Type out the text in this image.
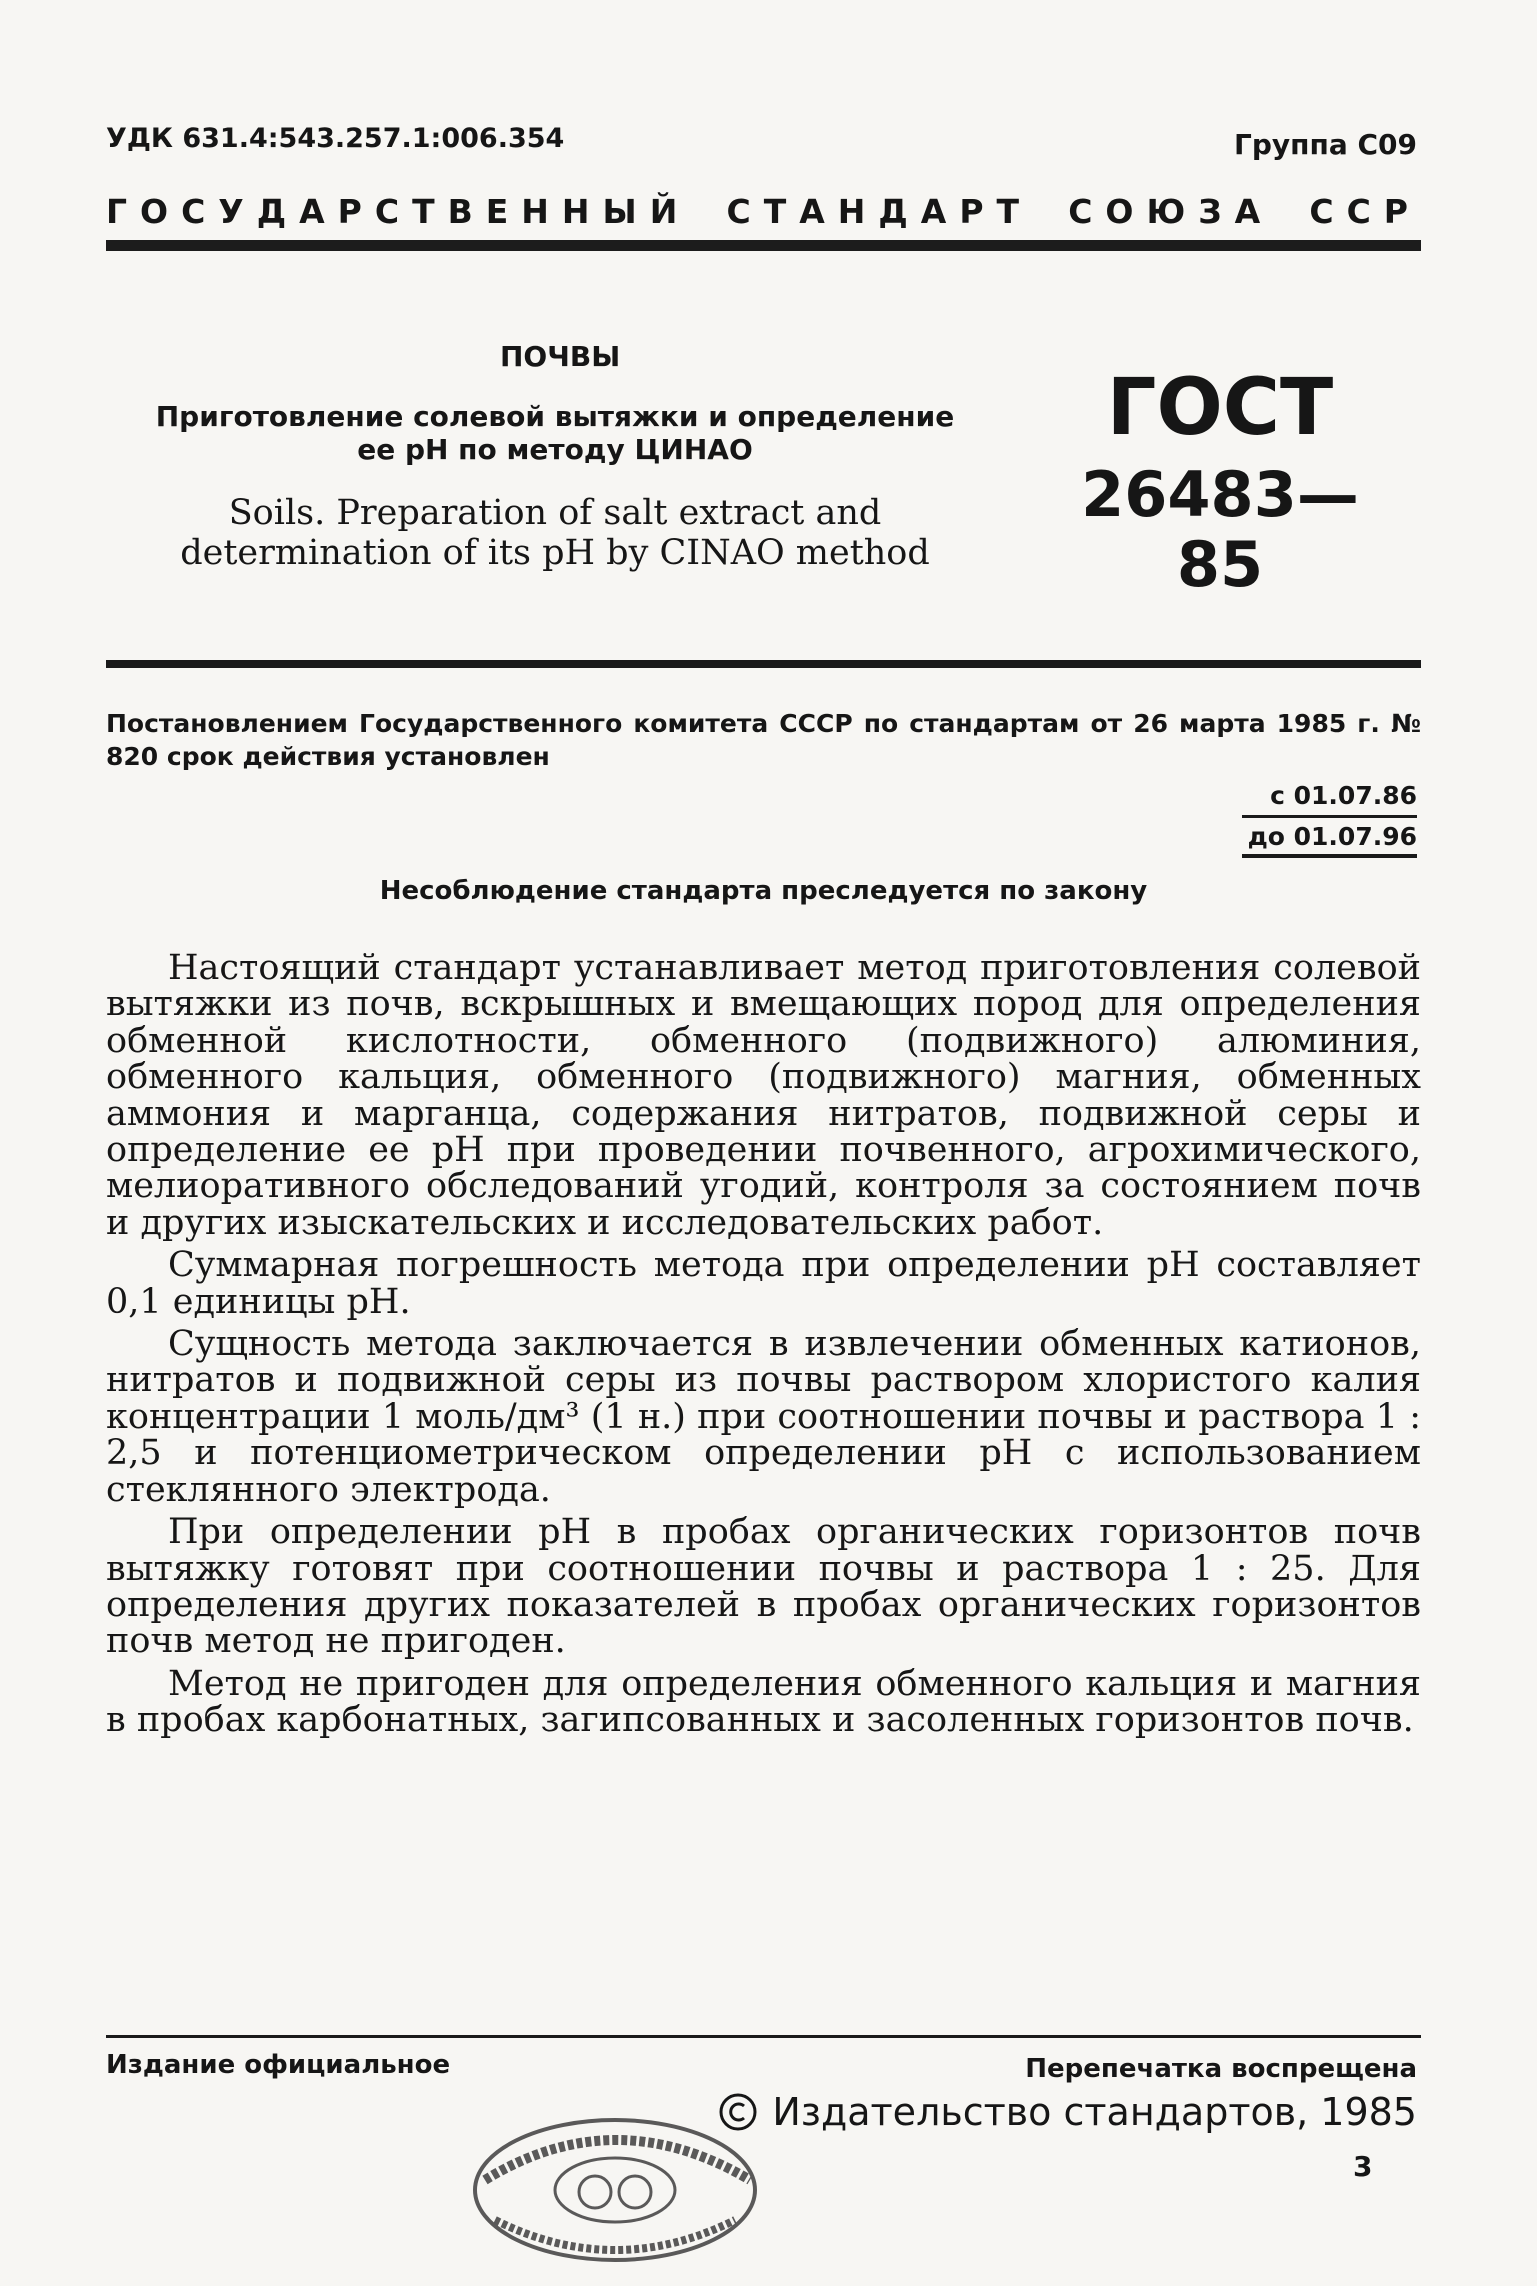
УДК 631.4:543.257.1:006.354	Группа С09
ГОСУДАРСТВЕННЫЙ СТАНДАРТ СОЮЗА ССР
ПОЧВЫ
Приготовление солевой вытяжки и определение
ее рН по методу ЦИНАО
Soils. Preparation of salt extract and
determination of its pH by CINAO method
ГОСТ
26483—85
Постановлением Государственного комитета СССР по стандартам от 26 марта 1985 г. № 820 срок действия установлен
с 01.07.86
до 01.07.96
Несоблюдение стандарта преследуется по закону

Настоящий стандарт устанавливает метод приготовления солевой вытяжки из почв, вскрышных и вмещающих пород для определения обменной кислотности, обменного (подвижного) алюминия, обменного кальция, обменного (подвижного) магния, обменных аммония и марганца, содержания нитратов, подвижной серы и определение ее рН при проведении почвенного, агрохимического, мелиоративного обследований угодий, контроля за состоянием почв и других изыскательских и исследовательских работ.

Суммарная погрешность метода при определении рН составляет 0,1 единицы рН.

Сущность метода заключается в извлечении обменных катионов, нитратов и подвижной серы из почвы раствором хлористого калия концентрации 1 моль/дм³ (1 н.) при соотношении почвы и раствора 1 : 2,5 и потенциометрическом определении рН с использованием стеклянного электрода.

При определении рН в пробах органических горизонтов почв вытяжку готовят при соотношении почвы и раствора 1 : 25. Для определения других показателей в пробах органических горизонтов почв метод не пригоден.

Метод не пригоден для определения обменного кальция и магния в пробах карбонатных, загипсованных и засоленных горизонтов почв.

Издание официальное	Перепечатка воспрещена
Издательство стандартов, 1985
3
